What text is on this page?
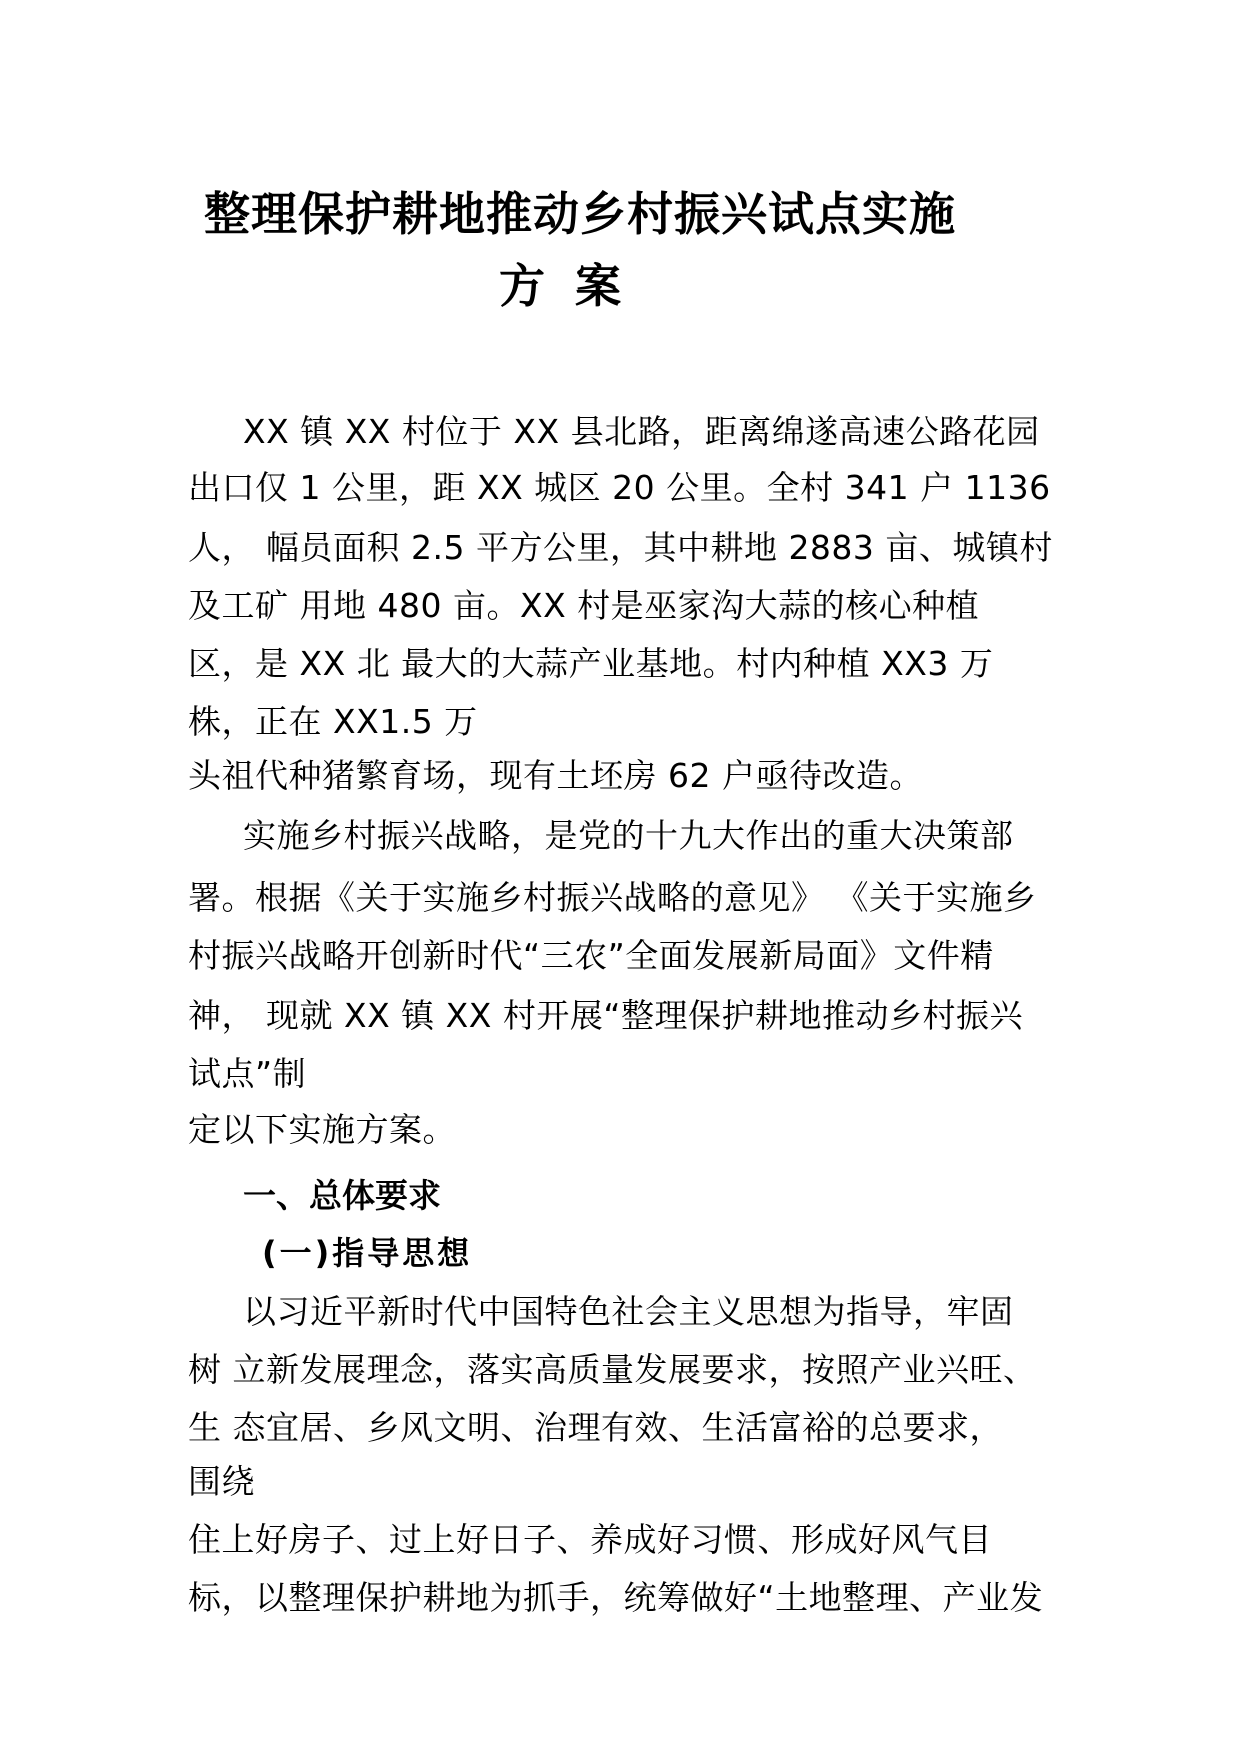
整理保护耕地推动乡村振兴试点实施
方案
XX 镇 XX 村位于 XX 县北路，距离绵遂高速公路花园
出口仅 1 公里，距 XX 城区 20 公里。全村 341 户 1136
人， 幅员面积 2.5 平方公里，其中耕地 2883 亩、城镇村
及工矿 用地 480 亩。XX 村是巫家沟大蒜的核心种植
区，是 XX 北 最大的大蒜产业基地。村内种植 XX3 万
株，正在 XX1.5 万
头祖代种猪繁育场，现有土坯房 62 户亟待改造。
实施乡村振兴战略，是党的十九大作出的重大决策部
署。根据《关于实施乡村振兴战略的意见》 《关于实施乡
村振兴战略开创新时代“三农”全面发展新局面》文件精
神， 现就 XX 镇 XX 村开展“整理保护耕地推动乡村振兴
试点”制
定以下实施方案。
一、总体要求
(一)指导思想
以习近平新时代中国特色社会主义思想为指导，牢固
树 立新发展理念，落实高质量发展要求，按照产业兴旺、
生 态宜居、乡风文明、治理有效、生活富裕的总要求，
围绕
住上好房子、过上好日子、养成好习惯、形成好风气目
标，以整理保护耕地为抓手，统筹做好“土地整理、产业发
